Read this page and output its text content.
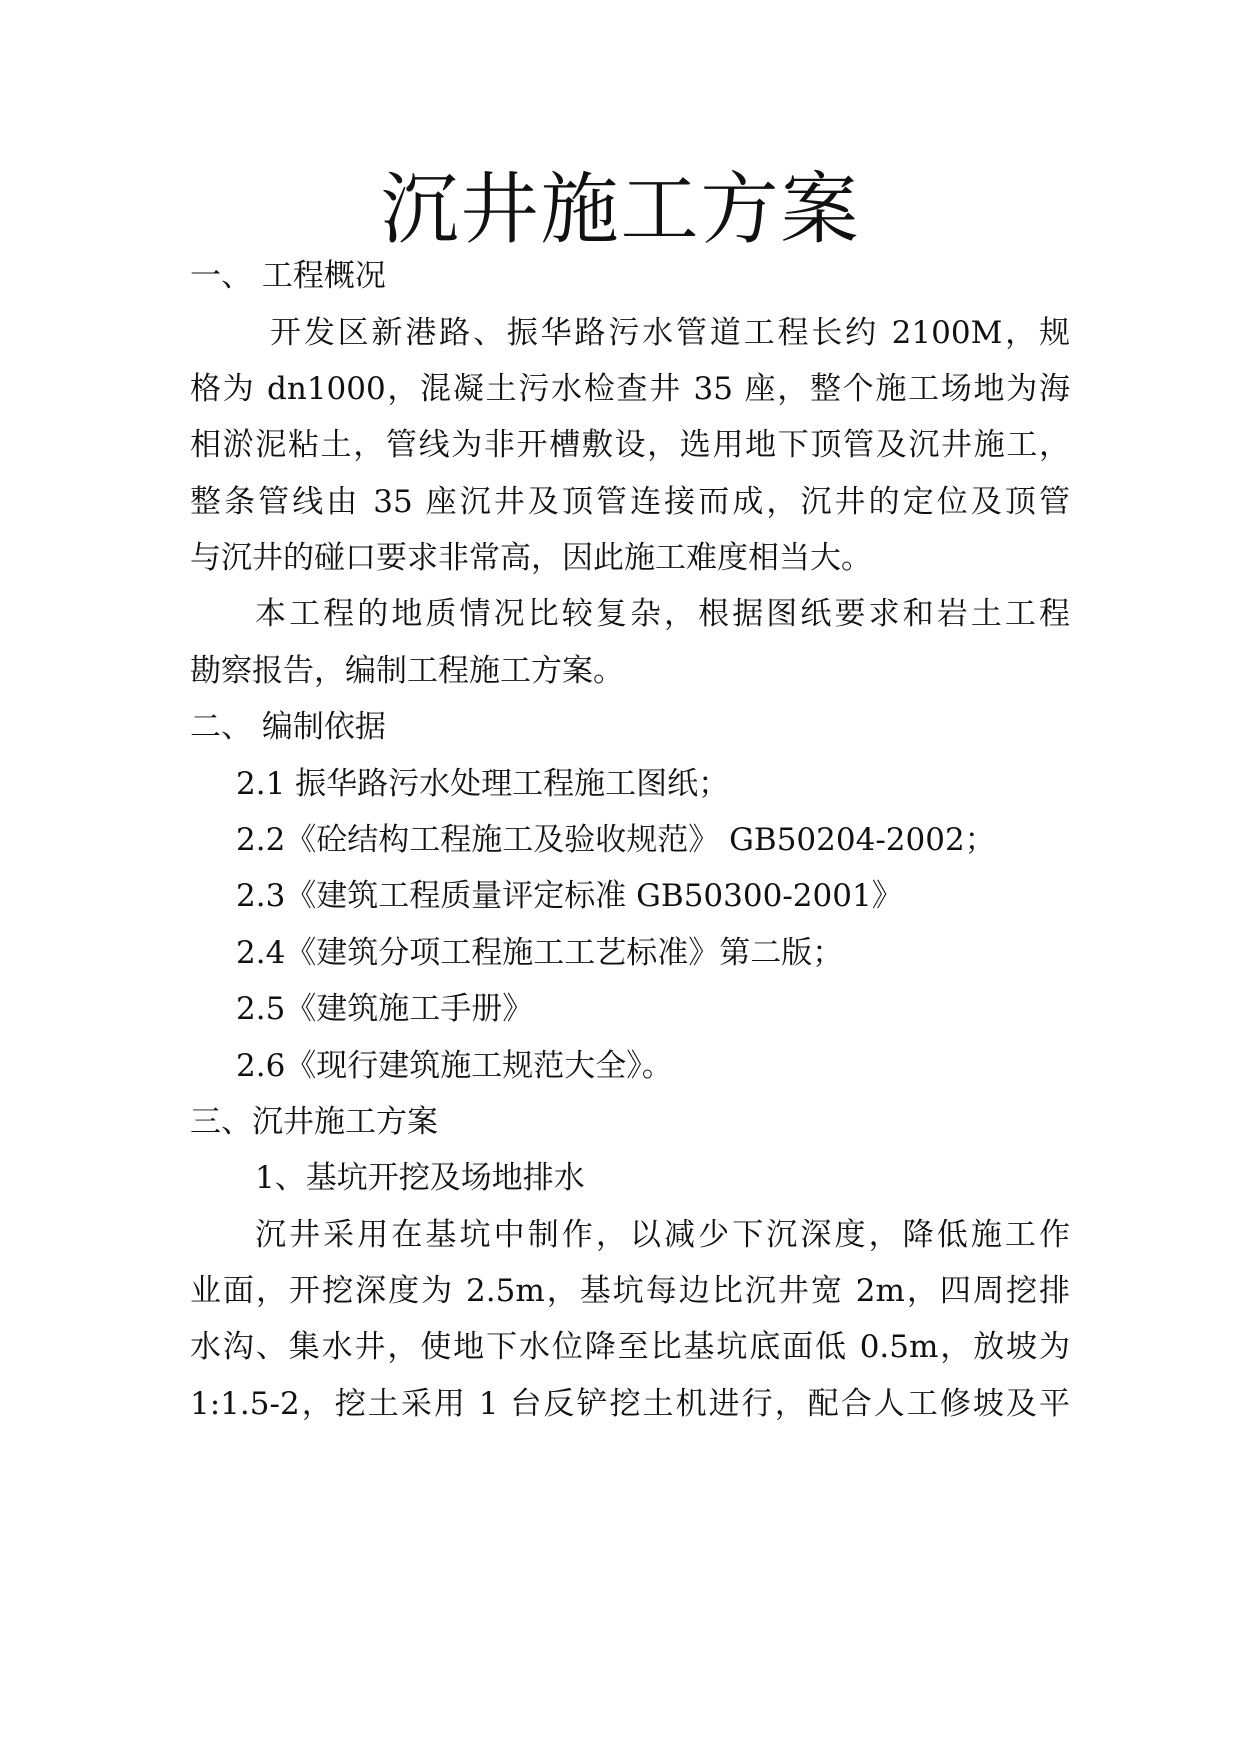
沉井施工方案

一、 工程概况

开发区新港路、振华路污水管道工程长约 2100M，规

格为 dn1000，混凝土污水检查井 35 座，整个施工场地为海

相淤泥粘土，管线为非开槽敷设，选用地下顶管及沉井施工，

整条管线由 35 座沉井及顶管连接而成，沉井的定位及顶管

与沉井的碰口要求非常高，因此施工难度相当大。

本工程的地质情况比较复杂，根据图纸要求和岩土工程

勘察报告，编制工程施工方案。

二、 编制依据

2.1 振华路污水处理工程施工图纸；

2.2《砼结构工程施工及验收规范》 GB50204-2002；

2.3《建筑工程质量评定标准 GB50300-2001》

2.4《建筑分项工程施工工艺标准》第二版；

2.5《建筑施工手册》

2.6《现行建筑施工规范大全》。

三、沉井施工方案

1、基坑开挖及场地排水

沉井采用在基坑中制作，以减少下沉深度，降低施工作

业面，开挖深度为 2.5m，基坑每边比沉井宽 2m，四周挖排

水沟、集水井，使地下水位降至比基坑底面低 0.5m，放坡为

1:1.5-2，挖土采用 1 台反铲挖土机进行，配合人工修坡及平
